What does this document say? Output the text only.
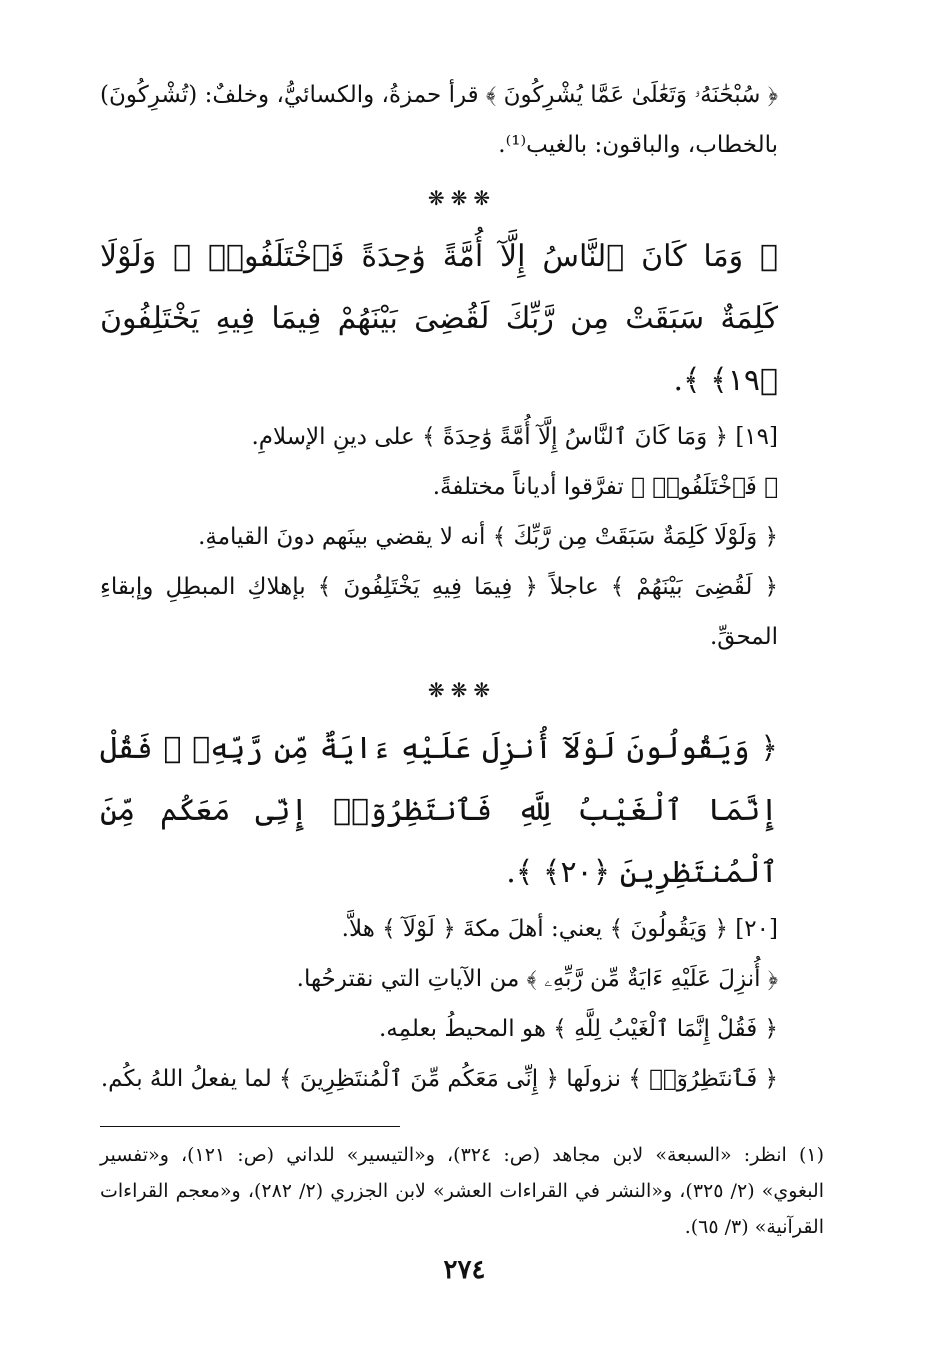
﴿ سُبْحَٰنَهُۥ وَتَعَٰلَىٰ عَمَّا يُشْرِكُونَ ﴾ قرأ حمزةُ، والكسائيُّ، وخلفٌ: (تُشْرِكُونَ) بالخطاب، والباقون: بالغيب⁽¹⁾.

❋❋❋

﴿ وَمَا كَانَ ٱلنَّاسُ إِلَّآ أُمَّةً وَٰحِدَةً فَٱخْتَلَفُوا۟ ۚ وَلَوْلَا كَلِمَةٌ سَبَقَتْ مِن رَّبِّكَ لَقُضِىَ بَيْنَهُمْ فِيمَا فِيهِ يَخْتَلِفُونَ ﴿١٩﴾ ﴾.

[١٩] ﴿ وَمَا كَانَ ٱلنَّاسُ إِلَّآ أُمَّةً وَٰحِدَةً ﴾ على دينِ الإسلامِ.

﴿ فَٱخْتَلَفُوا۟ ﴾ تفرَّقوا أدياناً مختلفةً.

﴿ وَلَوْلَا كَلِمَةٌ سَبَقَتْ مِن رَّبِّكَ ﴾ أنه لا يقضي بينَهم دونَ القيامةِ.

﴿ لَقُضِىَ بَيْنَهُمْ ﴾ عاجلاً ﴿ فِيمَا فِيهِ يَخْتَلِفُونَ ﴾ بإهلاكِ المبطِلِ وإبقاءِ المحقِّ.

❋❋❋

﴿ وَيَقُولُونَ لَوْلَآ أُنزِلَ عَلَيْهِ ءَايَةٌ مِّن رَّبِّهِۦ ۖ فَقُلْ إِنَّمَا ٱلْغَيْبُ لِلَّهِ فَٱنتَظِرُوٓا۟ إِنِّى مَعَكُم مِّنَ ٱلْمُنتَظِرِينَ ﴿٢٠﴾ ﴾.

[٢٠] ﴿ وَيَقُولُونَ ﴾ يعني: أهلَ مكةَ ﴿ لَوْلَآ ﴾ هلاَّ.

﴿ أُنزِلَ عَلَيْهِ ءَايَةٌ مِّن رَّبِّهِۦ ﴾ من الآياتِ التي نقترحُها.

﴿ فَقُلْ إِنَّمَا ٱلْغَيْبُ لِلَّهِ ﴾ هو المحيطُ بعلمِه.

﴿ فَٱنتَظِرُوٓا۟ ﴾ نزولَها ﴿ إِنِّى مَعَكُم مِّنَ ٱلْمُنتَظِرِينَ ﴾ لما يفعلُ اللهُ بكُم.

(١) انظر: «السبعة» لابن مجاهد (ص: ٣٢٤)، و«التيسير» للداني (ص: ١٢١)، و«تفسير البغوي» (٢/ ٣٢٥)، و«النشر في القراءات العشر» لابن الجزري (٢/ ٢٨٢)، و«معجم القراءات القرآنية» (٣/ ٦٥).

٢٧٤
